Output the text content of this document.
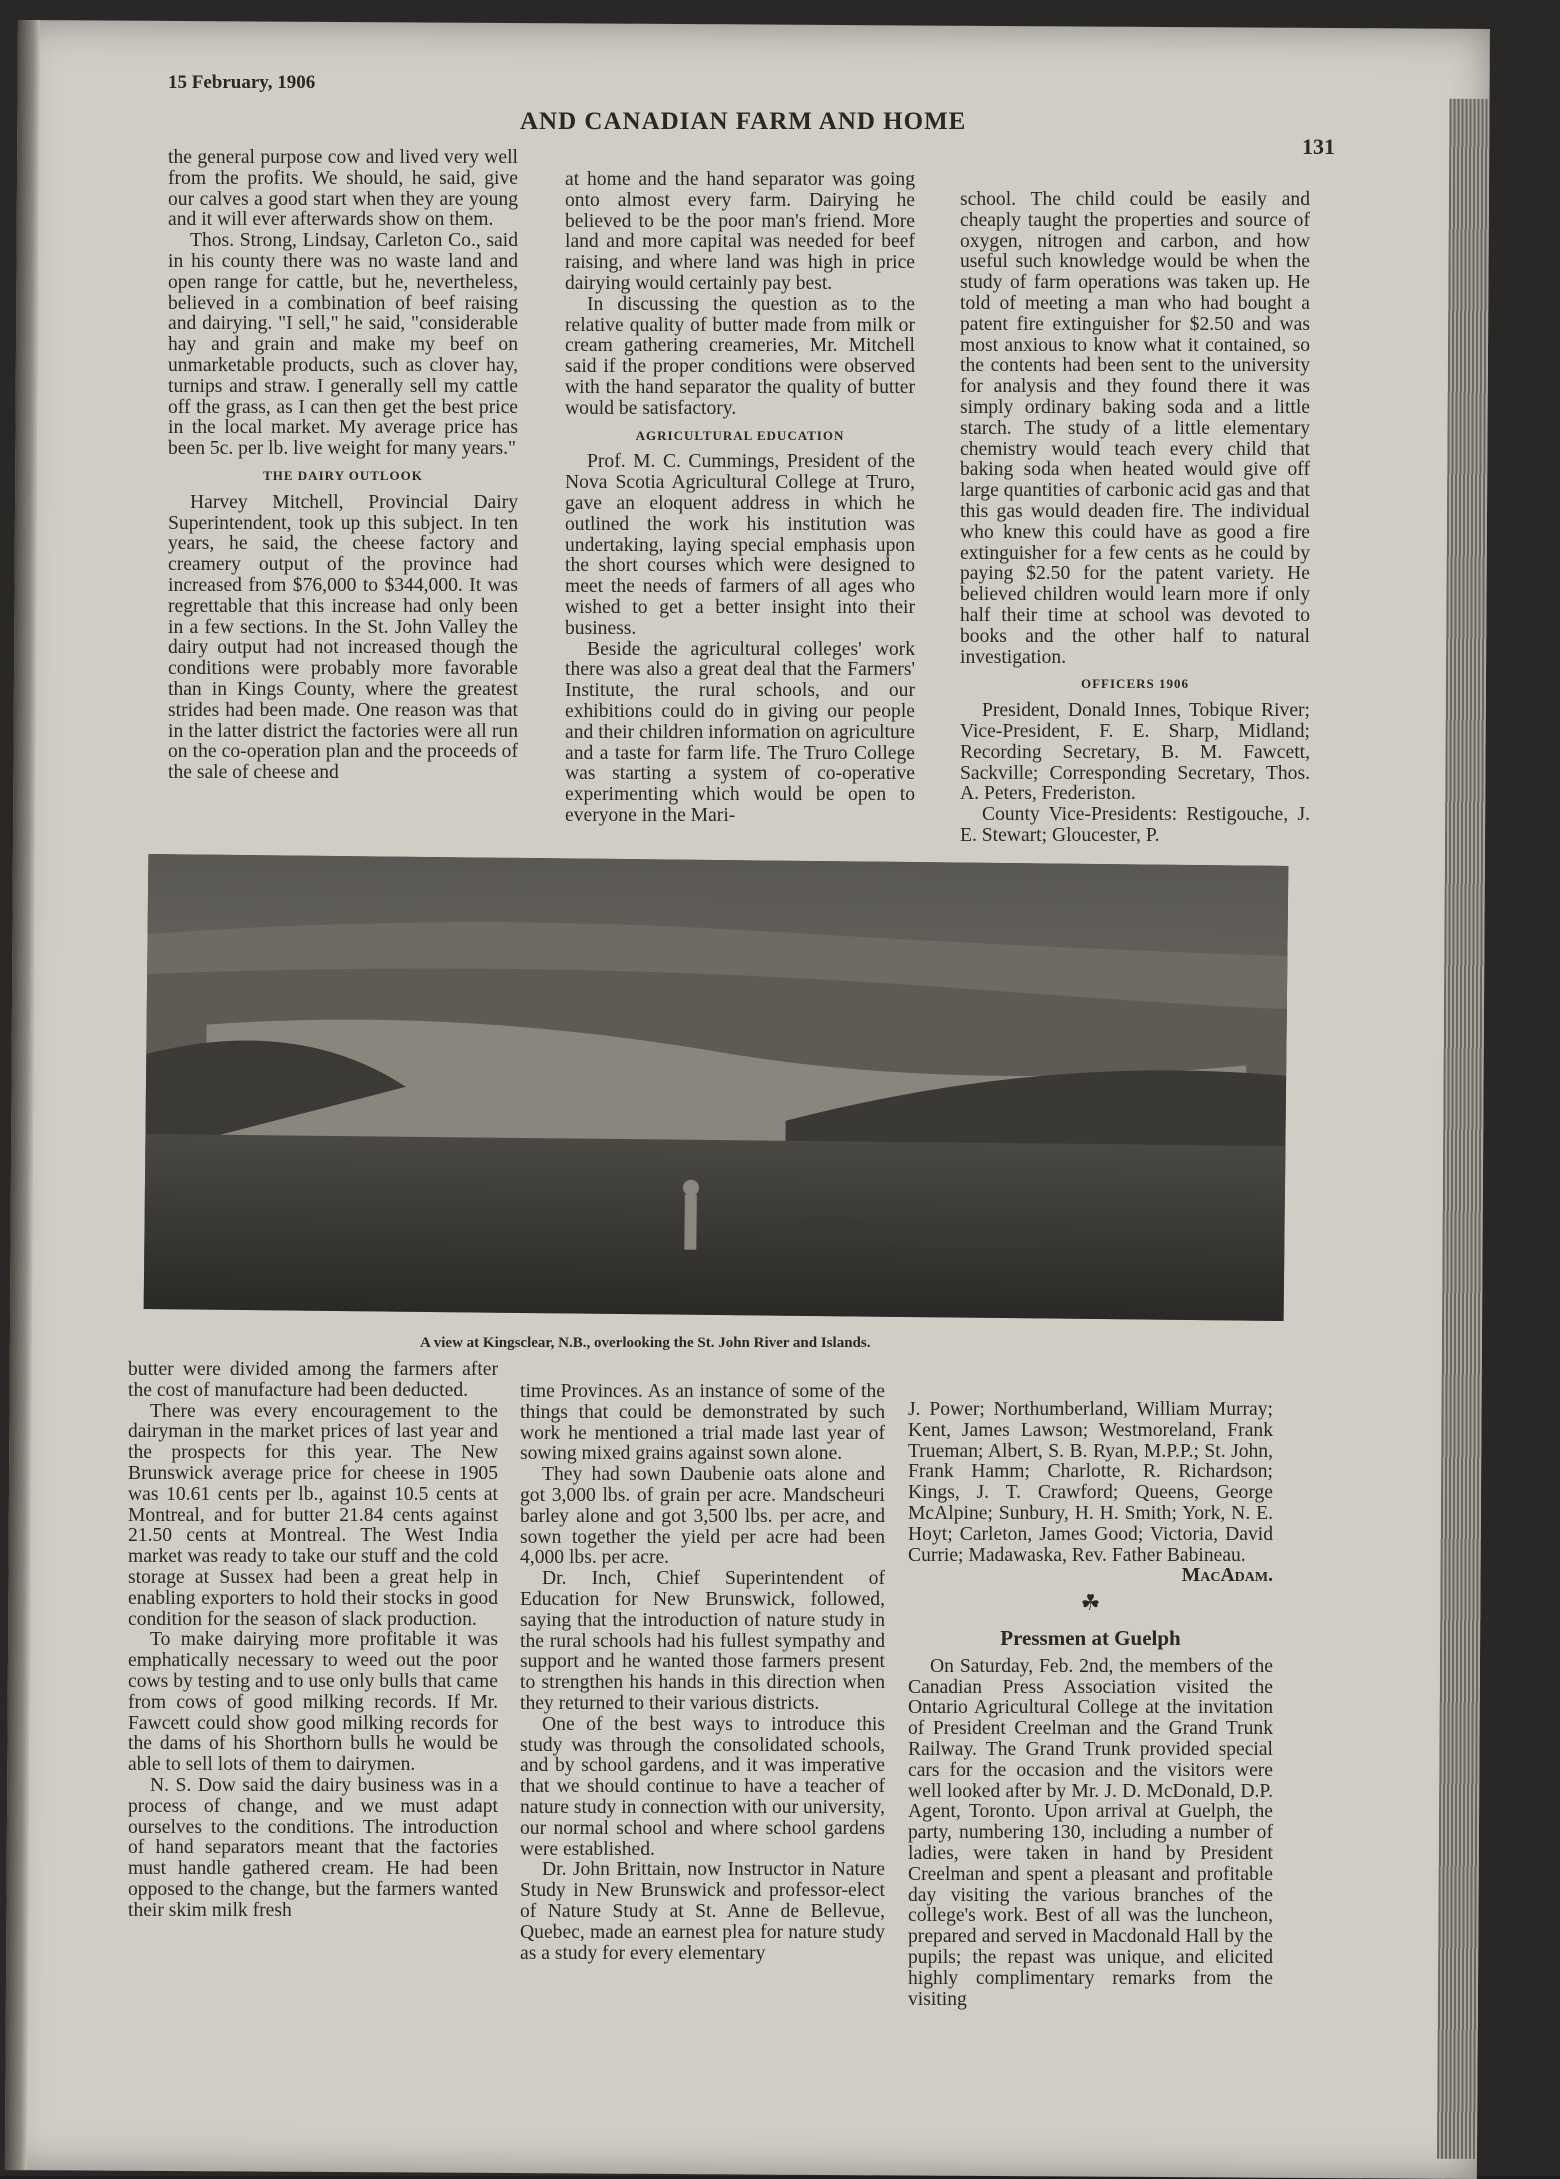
15 February, 1906
AND CANADIAN FARM AND HOME
131

the general purpose cow and lived very well from the profits. We should, he said, give our calves a good start when they are young and it will ever afterwards show on them.

Thos. Strong, Lindsay, Carleton Co., said in his county there was no waste land and open range for cattle, but he, nevertheless, believed in a combination of beef raising and dairying. "I sell," he said, "considerable hay and grain and make my beef on unmarketable products, such as clover hay, turnips and straw. I generally sell my cattle off the grass, as I can then get the best price in the local market. My average price has been 5c. per lb. live weight for many years."

THE DAIRY OUTLOOK

Harvey Mitchell, Provincial Dairy Superintendent, took up this subject. In ten years, he said, the cheese factory and creamery output of the province had increased from $76,000 to $344,000. It was regrettable that this increase had only been in a few sections. In the St. John Valley the dairy output had not increased though the conditions were probably more favorable than in Kings County, where the greatest strides had been made. One reason was that in the latter district the factories were all run on the co-operation plan and the proceeds of the sale of cheese and

at home and the hand separator was going onto almost every farm. Dairying he believed to be the poor man's friend. More land and more capital was needed for beef raising, and where land was high in price dairying would certainly pay best.

In discussing the question as to the relative quality of butter made from milk or cream gathering creameries, Mr. Mitchell said if the proper conditions were observed with the hand separator the quality of butter would be satisfactory.

AGRICULTURAL EDUCATION

Prof. M. C. Cummings, President of the Nova Scotia Agricultural College at Truro, gave an eloquent address in which he outlined the work his institution was undertaking, laying special emphasis upon the short courses which were designed to meet the needs of farmers of all ages who wished to get a better insight into their business.

Beside the agricultural colleges' work there was also a great deal that the Farmers' Institute, the rural schools, and our exhibitions could do in giving our people and their children information on agriculture and a taste for farm life. The Truro College was starting a system of co-operative experimenting which would be open to everyone in the Mari-

school. The child could be easily and cheaply taught the properties and source of oxygen, nitrogen and carbon, and how useful such knowledge would be when the study of farm operations was taken up. He told of meeting a man who had bought a patent fire extinguisher for $2.50 and was most anxious to know what it contained, so the contents had been sent to the university for analysis and they found there it was simply ordinary baking soda and a little starch. The study of a little elementary chemistry would teach every child that baking soda when heated would give off large quantities of carbonic acid gas and that this gas would deaden fire. The individual who knew this could have as good a fire extinguisher for a few cents as he could by paying $2.50 for the patent variety. He believed children would learn more if only half their time at school was devoted to books and the other half to natural investigation.

OFFICERS 1906

President, Donald Innes, Tobique River; Vice-President, F. E. Sharp, Midland; Recording Secretary, B. M. Fawcett, Sackville; Corresponding Secretary, Thos. A. Peters, Frederiston.

County Vice-Presidents: Restigouche, J. E. Stewart; Gloucester, P.

A view at Kingsclear, N.B., overlooking the St. John River and Islands.

butter were divided among the farmers after the cost of manufacture had been deducted.

There was every encouragement to the dairyman in the market prices of last year and the prospects for this year. The New Brunswick average price for cheese in 1905 was 10.61 cents per lb., against 10.5 cents at Montreal, and for butter 21.84 cents against 21.50 cents at Montreal. The West India market was ready to take our stuff and the cold storage at Sussex had been a great help in enabling exporters to hold their stocks in good condition for the season of slack production.

To make dairying more profitable it was emphatically necessary to weed out the poor cows by testing and to use only bulls that came from cows of good milking records. If Mr. Fawcett could show good milking records for the dams of his Shorthorn bulls he would be able to sell lots of them to dairymen.

N. S. Dow said the dairy business was in a process of change, and we must adapt ourselves to the conditions. The introduction of hand separators meant that the factories must handle gathered cream. He had been opposed to the change, but the farmers wanted their skim milk fresh

time Provinces. As an instance of some of the things that could be demonstrated by such work he mentioned a trial made last year of sowing mixed grains against sown alone.

They had sown Daubenie oats alone and got 3,000 lbs. of grain per acre. Mandscheuri barley alone and got 3,500 lbs. per acre, and sown together the yield per acre had been 4,000 lbs. per acre.

Dr. Inch, Chief Superintendent of Education for New Brunswick, followed, saying that the introduction of nature study in the rural schools had his fullest sympathy and support and he wanted those farmers present to strengthen his hands in this direction when they returned to their various districts.

One of the best ways to introduce this study was through the consolidated schools, and by school gardens, and it was imperative that we should continue to have a teacher of nature study in connection with our university, our normal school and where school gardens were established.

Dr. John Brittain, now Instructor in Nature Study in New Brunswick and professor-elect of Nature Study at St. Anne de Bellevue, Quebec, made an earnest plea for nature study as a study for every elementary

J. Power; Northumberland, William Murray; Kent, James Lawson; Westmoreland, Frank Trueman; Albert, S. B. Ryan, M.P.P.; St. John, Frank Hamm; Charlotte, R. Richardson; Kings, J. T. Crawford; Queens, George McAlpine; Sunbury, H. H. Smith; York, N. E. Hoyt; Carleton, James Good; Victoria, David Currie; Madawaska, Rev. Father Babineau.

MacAdam.

☘

Pressmen at Guelph

On Saturday, Feb. 2nd, the members of the Canadian Press Association visited the Ontario Agricultural College at the invitation of President Creelman and the Grand Trunk Railway. The Grand Trunk provided special cars for the occasion and the visitors were well looked after by Mr. J. D. McDonald, D.P. Agent, Toronto. Upon arrival at Guelph, the party, numbering 130, including a number of ladies, were taken in hand by President Creelman and spent a pleasant and profitable day visiting the various branches of the college's work. Best of all was the luncheon, prepared and served in Macdonald Hall by the pupils; the repast was unique, and elicited highly complimentary remarks from the visiting
